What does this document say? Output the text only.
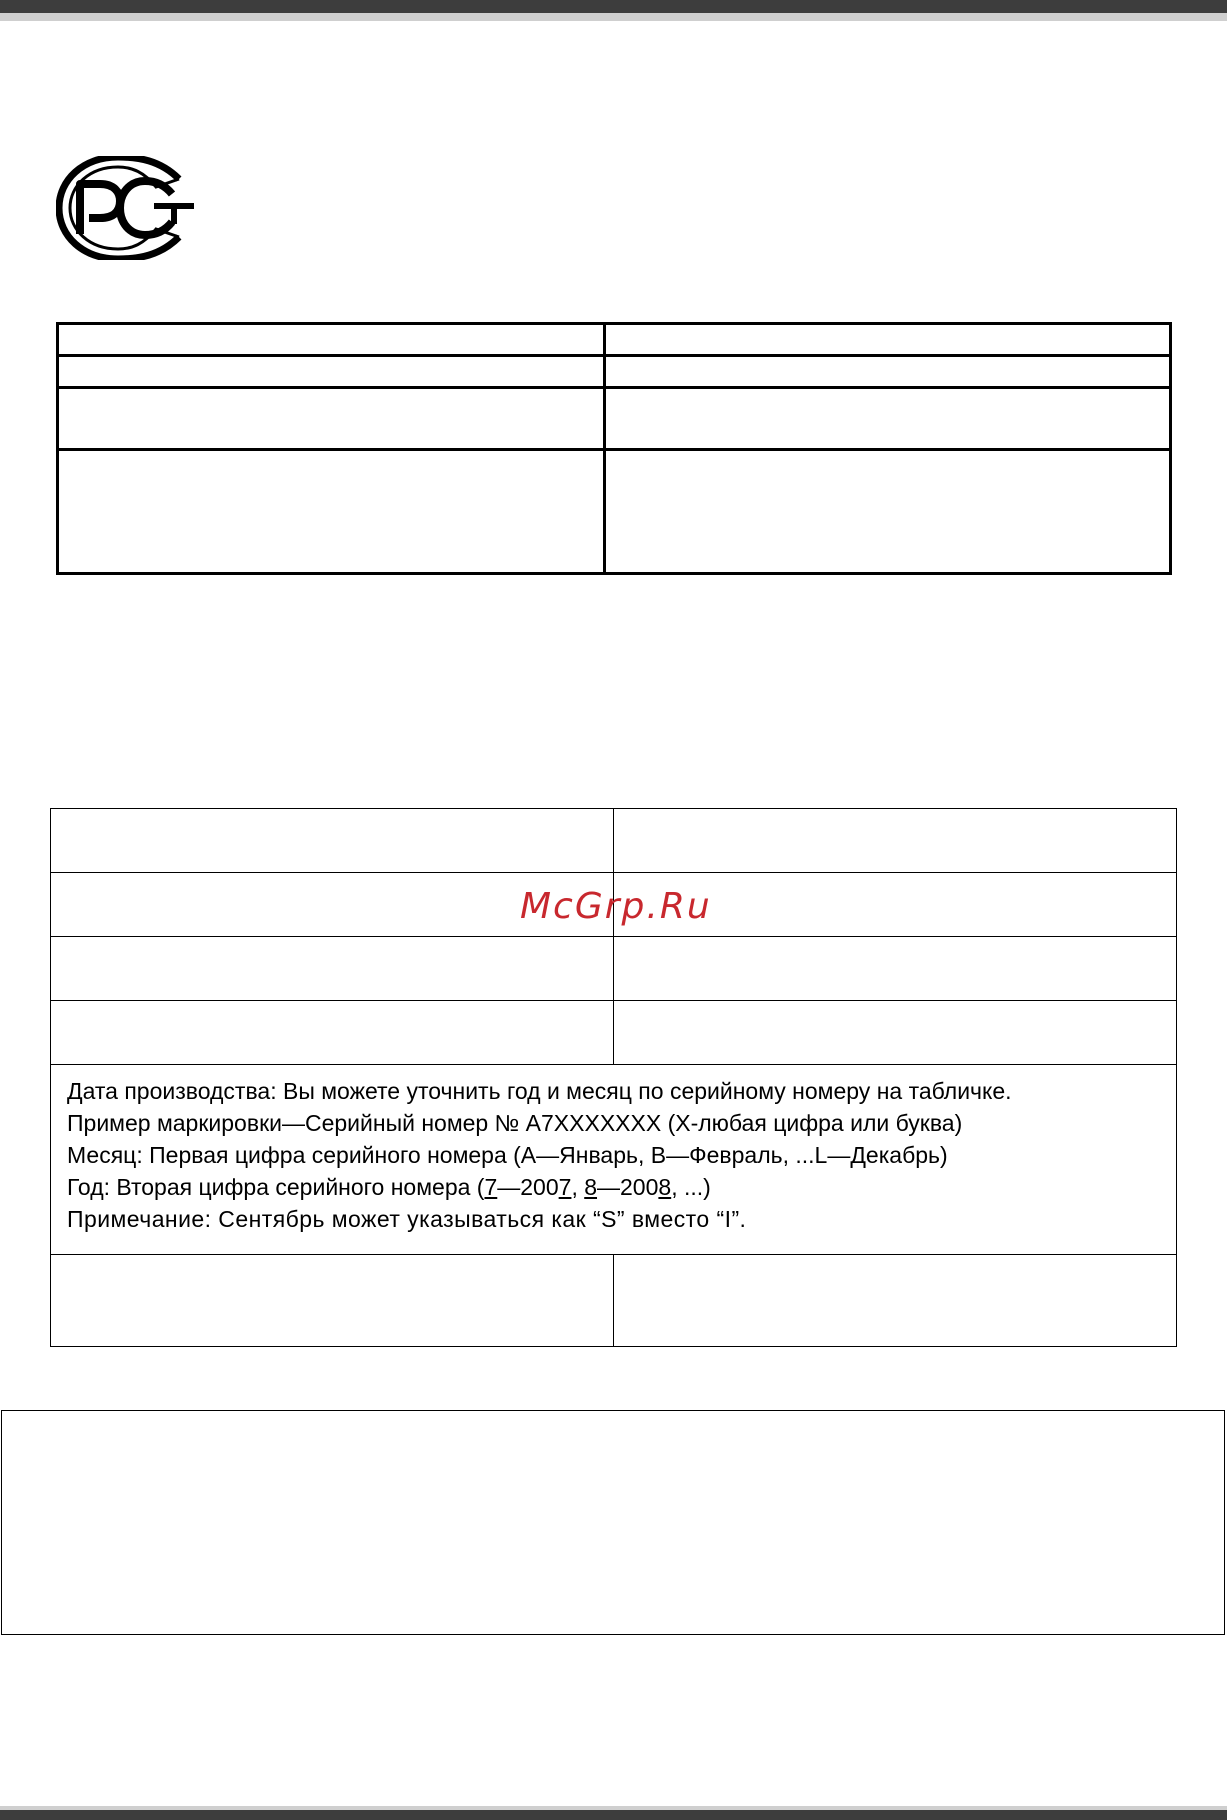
Дата производства: Вы можете уточнить год и месяц по серийному номеру на табличке.
Пример маркировки—Серийный номер № A7XXXXXXX (X-любая цифра или буква)
Месяц: Первая цифра серийного номера (A—Январь, B—Февраль, ...L—Декабрь)
Год: Вторая цифра серийного номера (7—2007, 8—2008, ...)
Примечание: Сентябрь может указываться как “S” вместо “I”.	

McGrp.Ru
